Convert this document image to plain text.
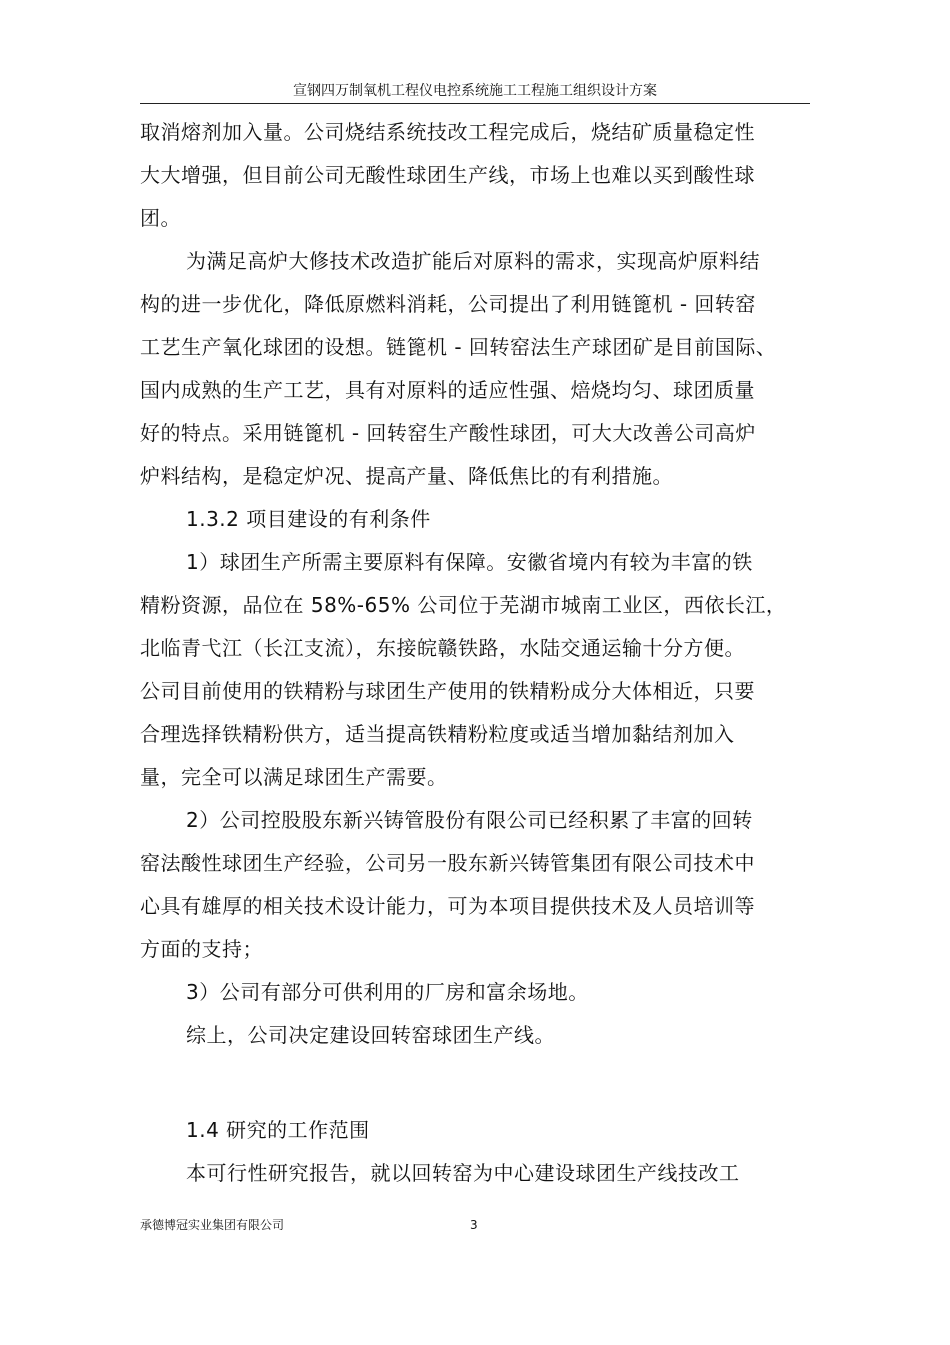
宣钢四万制氧机工程仪电控系统施工工程施工组织设计方案
取消熔剂加入量。公司烧结系统技改工程完成后，烧结矿质量稳定性
大大增强，但目前公司无酸性球团生产线，市场上也难以买到酸性球
团。
为满足高炉大修技术改造扩能后对原料的需求，实现高炉原料结
构的进一步优化，降低原燃料消耗，公司提出了利用链篦机 - 回转窑
工艺生产氧化球团的设想。链篦机 - 回转窑法生产球团矿是目前国际、
国内成熟的生产工艺，具有对原料的适应性强、焙烧均匀、球团质量
好的特点。采用链篦机 - 回转窑生产酸性球团，可大大改善公司高炉
炉料结构，是稳定炉况、提高产量、降低焦比的有利措施。
1.3.2 项目建设的有利条件
1）球团生产所需主要原料有保障。安徽省境内有较为丰富的铁
精粉资源，品位在 58%-65% 公司位于芜湖市城南工业区，西依长江，
北临青弋江（长江支流），东接皖赣铁路，水陆交通运输十分方便。
公司目前使用的铁精粉与球团生产使用的铁精粉成分大体相近，只要
合理选择铁精粉供方，适当提高铁精粉粒度或适当增加黏结剂加入
量，完全可以满足球团生产需要。
2）公司控股股东新兴铸管股份有限公司已经积累了丰富的回转
窑法酸性球团生产经验，公司另一股东新兴铸管集团有限公司技术中
心具有雄厚的相关技术设计能力，可为本项目提供技术及人员培训等
方面的支持；
3）公司有部分可供利用的厂房和富余场地。
综上，公司决定建设回转窑球团生产线。
1.4 研究的工作范围
本可行性研究报告，就以回转窑为中心建设球团生产线技改工
承德博冠实业集团有限公司	3
